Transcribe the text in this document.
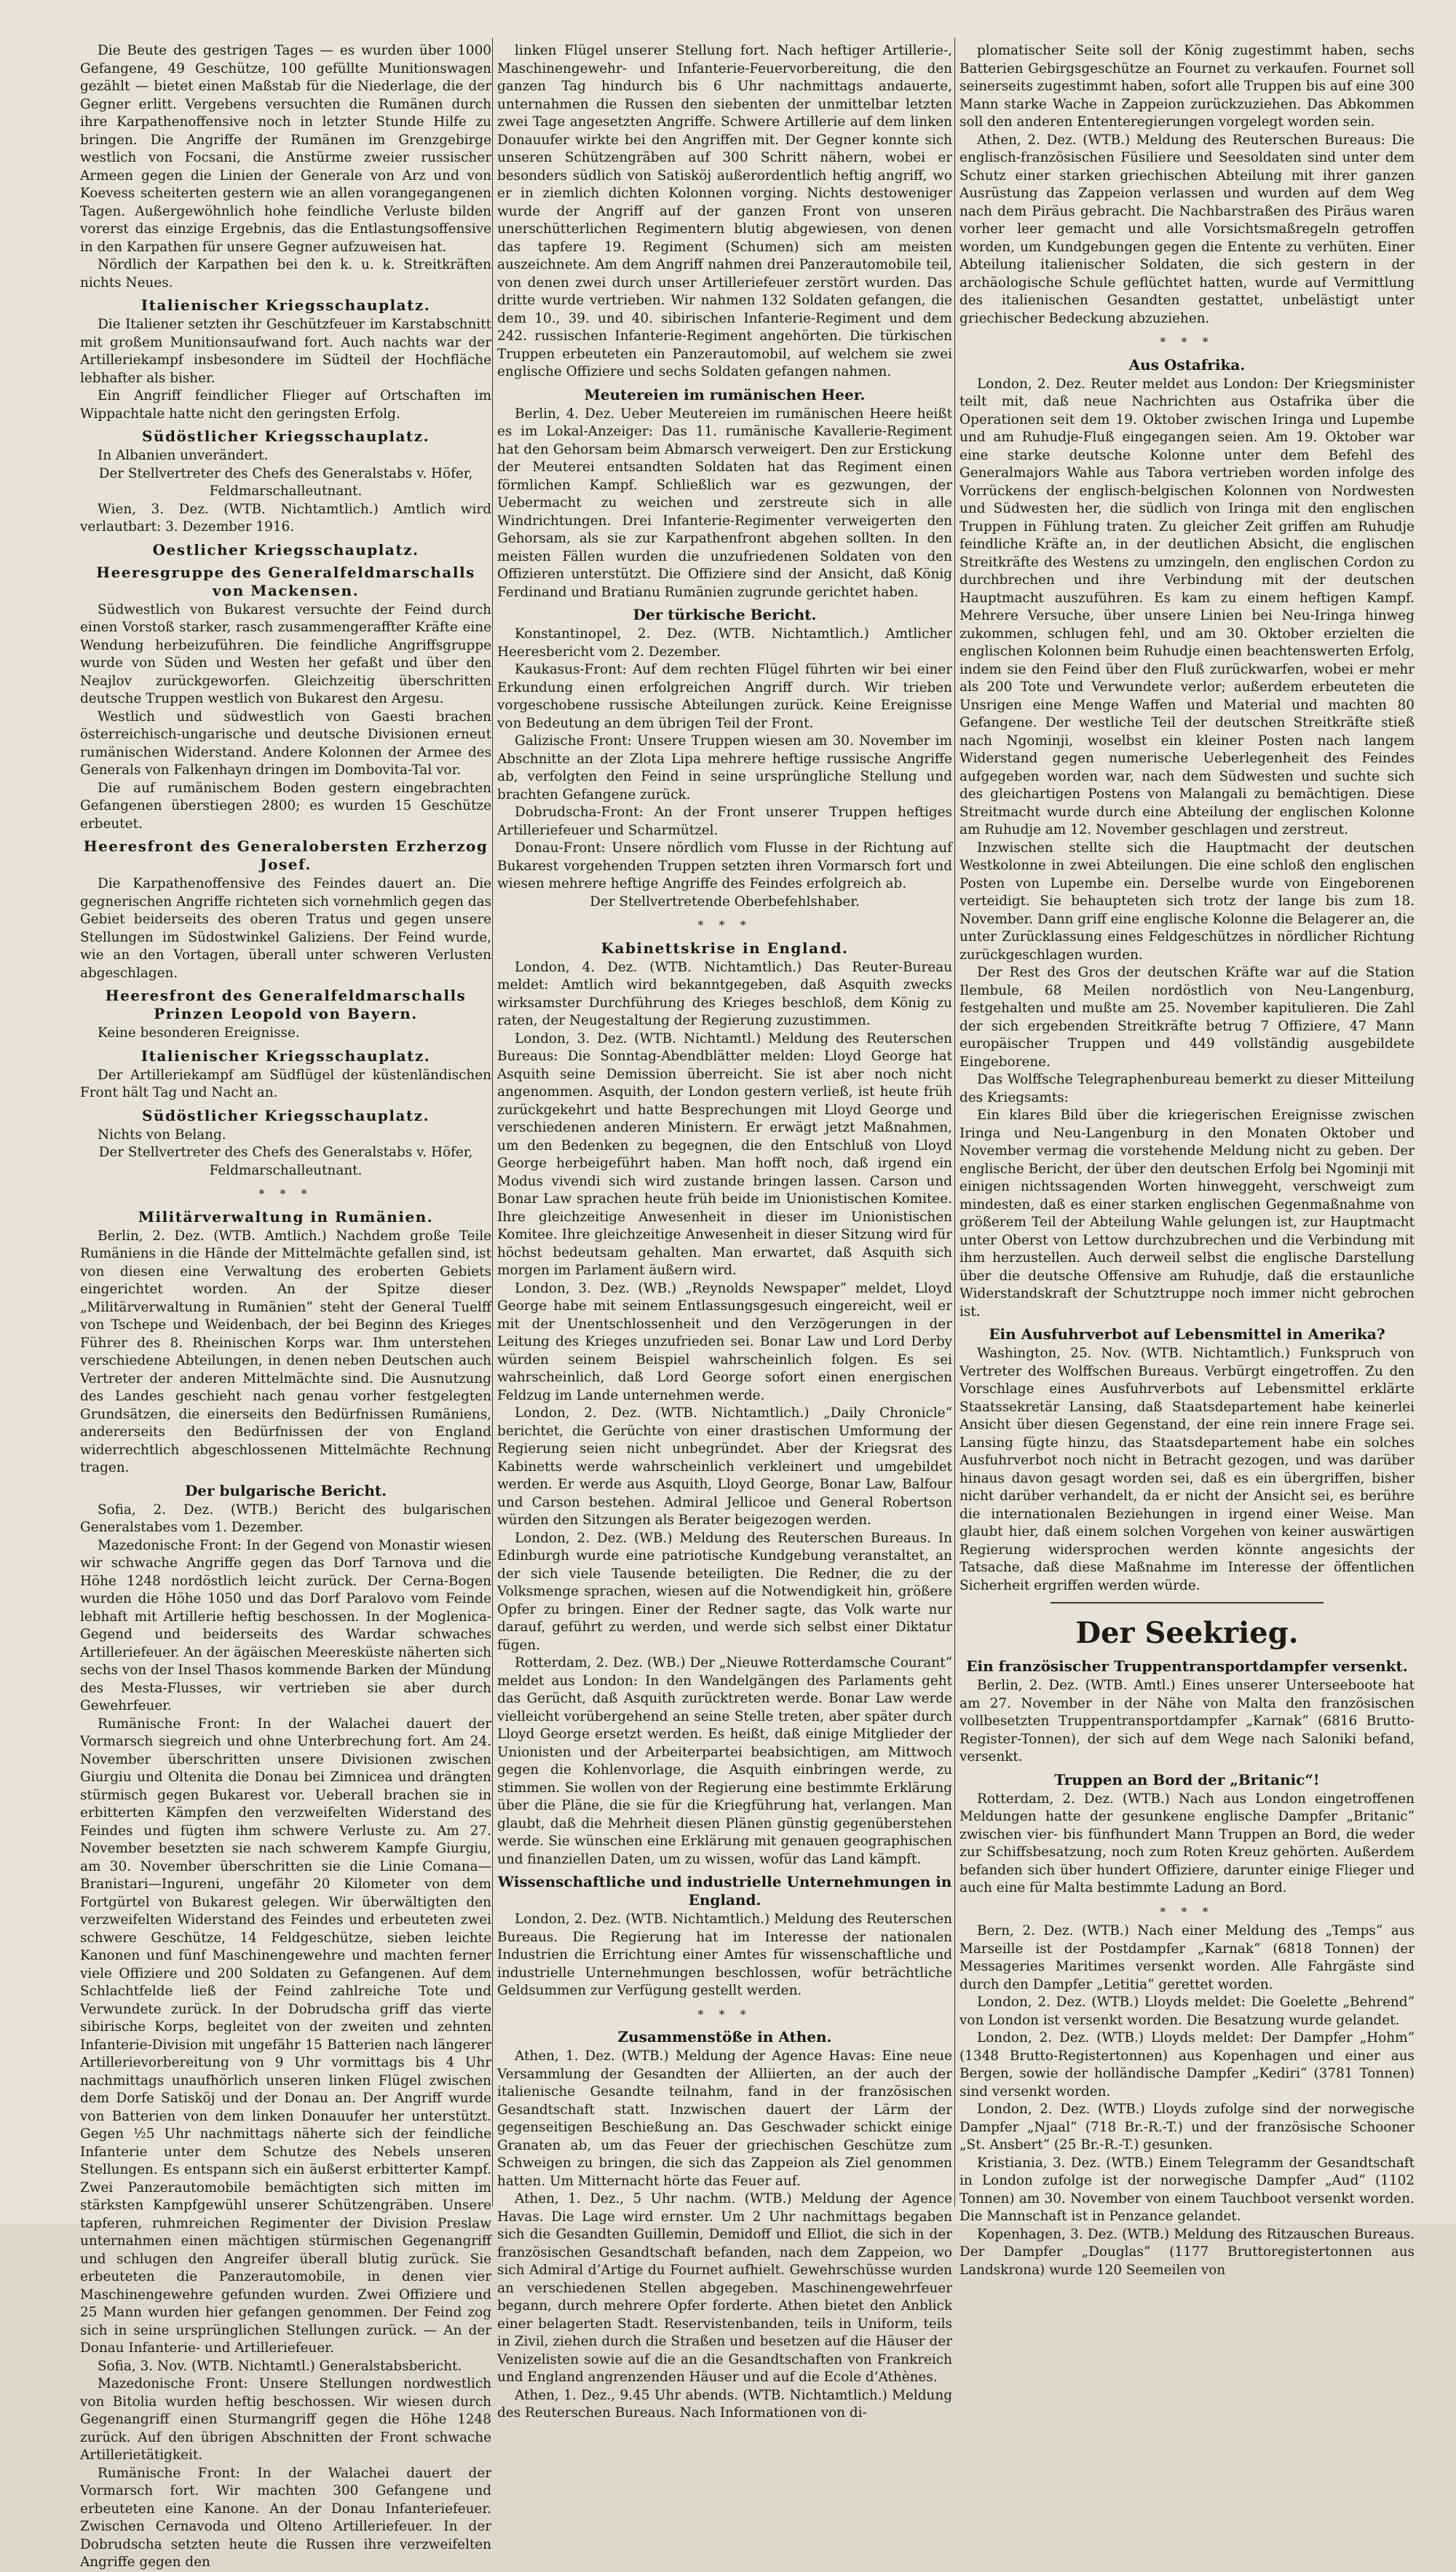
Die Beute des gestrigen Tages — es wurden über 1000 Gefangene, 49 Geschütze, 100 gefüllte Munitionswagen gezählt — bietet einen Maßstab für die Niederlage, die der Gegner erlitt. Vergebens versuchten die Rumänen durch ihre Karpathenoffensive noch in letzter Stunde Hilfe zu bringen. Die Angriffe der Rumänen im Grenzgebirge westlich von Focsani, die Anstürme zweier russischer Armeen gegen die Linien der Generale von Arz und von Koevess scheiterten gestern wie an allen vorangegangenen Tagen. Außergewöhnlich hohe feindliche Verluste bilden vorerst das einzige Ergebnis, das die Entlastungsoffensive in den Karpathen für unsere Gegner aufzuweisen hat.

Nördlich der Karpathen bei den k. u. k. Streitkräften nichts Neues.

Italienischer Kriegsschauplatz.

Die Italiener setzten ihr Geschützfeuer im Karstabschnitt mit großem Munitionsaufwand fort. Auch nachts war der Artilleriekampf insbesondere im Südteil der Hochfläche lebhafter als bisher.

Ein Angriff feindlicher Flieger auf Ortschaften im Wippachtale hatte nicht den geringsten Erfolg.

Südöstlicher Kriegsschauplatz.

In Albanien unverändert.

Der Stellvertreter des Chefs des Generalstabs v. Höfer, Feldmarschalleutnant.

Wien, 3. Dez. (WTB. Nichtamtlich.) Amtlich wird verlautbart: 3. Dezember 1916.

Oestlicher Kriegsschauplatz.
Heeresgruppe des Generalfeldmarschalls von Mackensen.

Südwestlich von Bukarest versuchte der Feind durch einen Vorstoß starker, rasch zusammengeraffter Kräfte eine Wendung herbeizuführen. Die feindliche Angriffsgruppe wurde von Süden und Westen her gefaßt und über den Neajlov zurückgeworfen. Gleichzeitig überschritten deutsche Truppen westlich von Bukarest den Argesu.

Westlich und südwestlich von Gaesti brachen österreichisch-ungarische und deutsche Divisionen erneut rumänischen Widerstand. Andere Kolonnen der Armee des Generals von Falkenhayn dringen im Dombovita-Tal vor.

Die auf rumänischem Boden gestern eingebrachten Gefangenen überstiegen 2800; es wurden 15 Geschütze erbeutet.

Heeresfront des Generalobersten Erzherzog Josef.

Die Karpathenoffensive des Feindes dauert an. Die gegnerischen Angriffe richteten sich vornehmlich gegen das Gebiet beiderseits des oberen Tratus und gegen unsere Stellungen im Südostwinkel Galiziens. Der Feind wurde, wie an den Vortagen, überall unter schweren Verlusten abgeschlagen.

Heeresfront des Generalfeldmarschalls Prinzen Leopold von Bayern.

Keine besonderen Ereignisse.

Italienischer Kriegsschauplatz.

Der Artilleriekampf am Südflügel der küstenländischen Front hält Tag und Nacht an.

Südöstlicher Kriegsschauplatz.

Nichts von Belang.

Der Stellvertreter des Chefs des Generalstabs v. Höfer, Feldmarschalleutnant.

* * *
Militärverwaltung in Rumänien.

Berlin, 2. Dez. (WTB. Amtlich.) Nachdem große Teile Rumäniens in die Hände der Mittelmächte gefallen sind, ist von diesen eine Verwaltung des eroberten Gebiets eingerichtet worden. An der Spitze dieser „Militärverwaltung in Rumänien“ steht der General Tuelff von Tschepe und Weidenbach, der bei Beginn des Krieges Führer des 8. Rheinischen Korps war. Ihm unterstehen verschiedene Abteilungen, in denen neben Deutschen auch Vertreter der anderen Mittelmächte sind. Die Ausnutzung des Landes geschieht nach genau vorher festgelegten Grundsätzen, die einerseits den Bedürfnissen Rumäniens, andererseits den Bedürfnissen der von England widerrechtlich abgeschlossenen Mittelmächte Rechnung tragen.

Der bulgarische Bericht.

Sofia, 2. Dez. (WTB.) Bericht des bulgarischen Generalstabes vom 1. Dezember.

Mazedonische Front: In der Gegend von Monastir wiesen wir schwache Angriffe gegen das Dorf Tarnova und die Höhe 1248 nordöstlich leicht zurück. Der Cerna-Bogen wurden die Höhe 1050 und das Dorf Paralovo vom Feinde lebhaft mit Artillerie heftig beschossen. In der Moglenica-Gegend und beiderseits des Wardar schwaches Artilleriefeuer. An der ägäischen Meeresküste näherten sich sechs von der Insel Thasos kommende Barken der Mündung des Mesta-Flusses, wir vertrieben sie aber durch Gewehrfeuer.

Rumänische Front: In der Walachei dauert der Vormarsch siegreich und ohne Unterbrechung fort. Am 24. November überschritten unsere Divisionen zwischen Giurgiu und Oltenita die Donau bei Zimnicea und drängten stürmisch gegen Bukarest vor. Ueberall brachen sie in erbitterten Kämpfen den verzweifelten Widerstand des Feindes und fügten ihm schwere Verluste zu. Am 27. November besetzten sie nach schwerem Kampfe Giurgiu, am 30. November überschritten sie die Linie Comana—Branistari—Ingureni, ungefähr 20 Kilometer von dem Fortgürtel von Bukarest gelegen. Wir überwältigten den verzweifelten Widerstand des Feindes und erbeuteten zwei schwere Geschütze, 14 Feldgeschütze, sieben leichte Kanonen und fünf Maschinengewehre und machten ferner viele Offiziere und 200 Soldaten zu Gefangenen. Auf dem Schlachtfelde ließ der Feind zahlreiche Tote und Verwundete zurück. In der Dobrudscha griff das vierte sibirische Korps, begleitet von der zweiten und zehnten Infanterie-Division mit ungefähr 15 Batterien nach längerer Artillerievorbereitung von 9 Uhr vormittags bis 4 Uhr nachmittags unaufhörlich unseren linken Flügel zwischen dem Dorfe Satisköj und der Donau an. Der Angriff wurde von Batterien von dem linken Donauufer her unterstützt. Gegen ½5 Uhr nachmittags näherte sich der feindliche Infanterie unter dem Schutze des Nebels unseren Stellungen. Es entspann sich ein äußerst erbitterter Kampf. Zwei Panzerautomobile bemächtigten sich mitten im stärksten Kampfgewühl unserer Schützengräben. Unsere tapferen, ruhmreichen Regimenter der Division Preslaw unternahmen einen mächtigen stürmischen Gegenangriff und schlugen den Angreifer überall blutig zurück. Sie erbeuteten die Panzerautomobile, in denen vier Maschinengewehre gefunden wurden. Zwei Offiziere und 25 Mann wurden hier gefangen genommen. Der Feind zog sich in seine ursprünglichen Stellungen zurück. — An der Donau Infanterie- und Artilleriefeuer.

Sofia, 3. Nov. (WTB. Nichtamtl.) Generalstabsbericht.

Mazedonische Front: Unsere Stellungen nordwestlich von Bitolia wurden heftig beschossen. Wir wiesen durch Gegenangriff einen Sturmangriff gegen die Höhe 1248 zurück. Auf den übrigen Abschnitten der Front schwache Artillerietätigkeit.

Rumänische Front: In der Walachei dauert der Vormarsch fort. Wir machten 300 Gefangene und erbeuteten eine Kanone. An der Donau Infanteriefeuer. Zwischen Cernavoda und Olteno Artilleriefeuer. In der Dobrudscha setzten heute die Russen ihre verzweifelten Angriffe gegen den

linken Flügel unserer Stellung fort. Nach heftiger Artillerie-, Maschinengewehr- und Infanterie-Feuervorbereitung, die den ganzen Tag hindurch bis 6 Uhr nachmittags andauerte, unternahmen die Russen den siebenten der unmittelbar letzten zwei Tage angesetzten Angriffe. Schwere Artillerie auf dem linken Donauufer wirkte bei den Angriffen mit. Der Gegner konnte sich unseren Schützengräben auf 300 Schritt nähern, wobei er besonders südlich von Satisköj außerordentlich heftig angriff, wo er in ziemlich dichten Kolonnen vorging. Nichts destoweniger wurde der Angriff auf der ganzen Front von unseren unerschütterlichen Regimentern blutig abgewiesen, von denen das tapfere 19. Regiment (Schumen) sich am meisten auszeichnete. Am dem Angriff nahmen drei Panzerautomobile teil, von denen zwei durch unser Artilleriefeuer zerstört wurden. Das dritte wurde vertrieben. Wir nahmen 132 Soldaten gefangen, die dem 10., 39. und 40. sibirischen Infanterie-Regiment und dem 242. russischen Infanterie-Regiment angehörten. Die türkischen Truppen erbeuteten ein Panzerautomobil, auf welchem sie zwei englische Offiziere und sechs Soldaten gefangen nahmen.

Meutereien im rumänischen Heer.

Berlin, 4. Dez. Ueber Meutereien im rumänischen Heere heißt es im Lokal-Anzeiger: Das 11. rumänische Kavallerie-Regiment hat den Gehorsam beim Abmarsch verweigert. Den zur Erstickung der Meuterei entsandten Soldaten hat das Regiment einen förmlichen Kampf. Schließlich war es gezwungen, der Uebermacht zu weichen und zerstreute sich in alle Windrichtungen. Drei Infanterie-Regimenter verweigerten den Gehorsam, als sie zur Karpathenfront abgehen sollten. In den meisten Fällen wurden die unzufriedenen Soldaten von den Offizieren unterstützt. Die Offiziere sind der Ansicht, daß König Ferdinand und Bratianu Rumänien zugrunde gerichtet haben.

Der türkische Bericht.

Konstantinopel, 2. Dez. (WTB. Nichtamtlich.) Amtlicher Heeresbericht vom 2. Dezember.

Kaukasus-Front: Auf dem rechten Flügel führten wir bei einer Erkundung einen erfolgreichen Angriff durch. Wir trieben vorgeschobene russische Abteilungen zurück. Keine Ereignisse von Bedeutung an dem übrigen Teil der Front.

Galizische Front: Unsere Truppen wiesen am 30. November im Abschnitte an der Zlota Lipa mehrere heftige russische Angriffe ab, verfolgten den Feind in seine ursprüngliche Stellung und brachten Gefangene zurück.

Dobrudscha-Front: An der Front unserer Truppen heftiges Artilleriefeuer und Scharmützel.

Donau-Front: Unsere nördlich vom Flusse in der Richtung auf Bukarest vorgehenden Truppen setzten ihren Vormarsch fort und wiesen mehrere heftige Angriffe des Feindes erfolgreich ab.

Der Stellvertretende Oberbefehlshaber.

* * *
Kabinettskrise in England.

London, 4. Dez. (WTB. Nichtamtlich.) Das Reuter-Bureau meldet: Amtlich wird bekanntgegeben, daß Asquith zwecks wirksamster Durchführung des Krieges beschloß, dem König zu raten, der Neugestaltung der Regierung zuzustimmen.

London, 3. Dez. (WTB. Nichtamtl.) Meldung des Reuterschen Bureaus: Die Sonntag-Abendblätter melden: Lloyd George hat Asquith seine Demission überreicht. Sie ist aber noch nicht angenommen. Asquith, der London gestern verließ, ist heute früh zurückgekehrt und hatte Besprechungen mit Lloyd George und verschiedenen anderen Ministern. Er erwägt jetzt Maßnahmen, um den Bedenken zu begegnen, die den Entschluß von Lloyd George herbeigeführt haben. Man hofft noch, daß irgend ein Modus vivendi sich wird zustande bringen lassen. Carson und Bonar Law sprachen heute früh beide im Unionistischen Komitee. Ihre gleichzeitige Anwesenheit in dieser im Unionistischen Komitee. Ihre gleichzeitige Anwesenheit in dieser Sitzung wird für höchst bedeutsam gehalten. Man erwartet, daß Asquith sich morgen im Parlament äußern wird.

London, 3. Dez. (WB.) „Reynolds Newspaper“ meldet, Lloyd George habe mit seinem Entlassungsgesuch eingereicht, weil er mit der Unentschlossenheit und den Verzögerungen in der Leitung des Krieges unzufrieden sei. Bonar Law und Lord Derby würden seinem Beispiel wahrscheinlich folgen. Es sei wahrscheinlich, daß Lord George sofort einen energischen Feldzug im Lande unternehmen werde.

London, 2. Dez. (WTB. Nichtamtlich.) „Daily Chronicle“ berichtet, die Gerüchte von einer drastischen Umformung der Regierung seien nicht unbegründet. Aber der Kriegsrat des Kabinetts werde wahrscheinlich verkleinert und umgebildet werden. Er werde aus Asquith, Lloyd George, Bonar Law, Balfour und Carson bestehen. Admiral Jellicoe und General Robertson würden den Sitzungen als Berater beigezogen werden.

London, 2. Dez. (WB.) Meldung des Reuterschen Bureaus. In Edinburgh wurde eine patriotische Kundgebung veranstaltet, an der sich viele Tausende beteiligten. Die Redner, die zu der Volksmenge sprachen, wiesen auf die Notwendigkeit hin, größere Opfer zu bringen. Einer der Redner sagte, das Volk warte nur darauf, geführt zu werden, und werde sich selbst einer Diktatur fügen.

Rotterdam, 2. Dez. (WB.) Der „Nieuwe Rotterdamsche Courant“ meldet aus London: In den Wandelgängen des Parlaments geht das Gerücht, daß Asquith zurücktreten werde. Bonar Law werde vielleicht vorübergehend an seine Stelle treten, aber später durch Lloyd George ersetzt werden. Es heißt, daß einige Mitglieder der Unionisten und der Arbeiterpartei beabsichtigen, am Mittwoch gegen die Kohlenvorlage, die Asquith einbringen werde, zu stimmen. Sie wollen von der Regierung eine bestimmte Erklärung über die Pläne, die sie für die Kriegführung hat, verlangen. Man glaubt, daß die Mehrheit diesen Plänen günstig gegenüberstehen werde. Sie wünschen eine Erklärung mit genauen geographischen und finanziellen Daten, um zu wissen, wofür das Land kämpft.

Wissenschaftliche und industrielle Unternehmungen in England.

London, 2. Dez. (WTB. Nichtamtlich.) Meldung des Reuterschen Bureaus. Die Regierung hat im Interesse der nationalen Industrien die Errichtung einer Amtes für wissenschaftliche und industrielle Unternehmungen beschlossen, wofür beträchtliche Geldsummen zur Verfügung gestellt werden.

* * *
Zusammenstöße in Athen.

Athen, 1. Dez. (WTB.) Meldung der Agence Havas: Eine neue Versammlung der Gesandten der Alliierten, an der auch der italienische Gesandte teilnahm, fand in der französischen Gesandtschaft statt. Inzwischen dauert der Lärm der gegenseitigen Beschießung an. Das Geschwader schickt einige Granaten ab, um das Feuer der griechischen Geschütze zum Schweigen zu bringen, die sich das Zappeion als Ziel genommen hatten. Um Mitternacht hörte das Feuer auf.

Athen, 1. Dez., 5 Uhr nachm. (WTB.) Meldung der Agence Havas. Die Lage wird ernster. Um 2 Uhr nachmittags begaben sich die Gesandten Guillemin, Demidoff und Elliot, die sich in der französischen Gesandtschaft befanden, nach dem Zappeion, wo sich Admiral d’Artige du Fournet aufhielt. Gewehrschüsse wurden an verschiedenen Stellen abgegeben. Maschinengewehrfeuer begann, durch mehrere Opfer forderte. Athen bietet den Anblick einer belagerten Stadt. Reservistenbanden, teils in Uniform, teils in Zivil, ziehen durch die Straßen und besetzen auf die Häuser der Venizelisten sowie auf die an die Gesandtschaften von Frankreich und England angrenzenden Häuser und auf die Ecole d’Athènes.

Athen, 1. Dez., 9.45 Uhr abends. (WTB. Nichtamtlich.) Meldung des Reuterschen Bureaus. Nach Informationen von di-

plomatischer Seite soll der König zugestimmt haben, sechs Batterien Gebirgsgeschütze an Fournet zu verkaufen. Fournet soll seinerseits zugestimmt haben, sofort alle Truppen bis auf eine 300 Mann starke Wache in Zappeion zurückzuziehen. Das Abkommen soll den anderen Ententeregierungen vorgelegt worden sein.

Athen, 2. Dez. (WTB.) Meldung des Reuterschen Bureaus: Die englisch-französischen Füsiliere und Seesoldaten sind unter dem Schutz einer starken griechischen Abteilung mit ihrer ganzen Ausrüstung das Zappeion verlassen und wurden auf dem Weg nach dem Piräus gebracht. Die Nachbarstraßen des Piräus waren vorher leer gemacht und alle Vorsichtsmaßregeln getroffen worden, um Kundgebungen gegen die Entente zu verhüten. Einer Abteilung italienischer Soldaten, die sich gestern in der archäologische Schule geflüchtet hatten, wurde auf Vermittlung des italienischen Gesandten gestattet, unbelästigt unter griechischer Bedeckung abzuziehen.

* * *
Aus Ostafrika.

London, 2. Dez. Reuter meldet aus London: Der Kriegsminister teilt mit, daß neue Nachrichten aus Ostafrika über die Operationen seit dem 19. Oktober zwischen Iringa und Lupembe und am Ruhudje-Fluß eingegangen seien. Am 19. Oktober war eine starke deutsche Kolonne unter dem Befehl des Generalmajors Wahle aus Tabora vertrieben worden infolge des Vorrückens der englisch-belgischen Kolonnen von Nordwesten und Südwesten her, die südlich von Iringa mit den englischen Truppen in Fühlung traten. Zu gleicher Zeit griffen am Ruhudje feindliche Kräfte an, in der deutlichen Absicht, die englischen Streitkräfte des Westens zu umzingeln, den englischen Cordon zu durchbrechen und ihre Verbindung mit der deutschen Hauptmacht auszuführen. Es kam zu einem heftigen Kampf. Mehrere Versuche, über unsere Linien bei Neu-Iringa hinweg zukommen, schlugen fehl, und am 30. Oktober erzielten die englischen Kolonnen beim Ruhudje einen beachtenswerten Erfolg, indem sie den Feind über den Fluß zurückwarfen, wobei er mehr als 200 Tote und Verwundete verlor; außerdem erbeuteten die Unsrigen eine Menge Waffen und Material und machten 80 Gefangene. Der westliche Teil der deutschen Streitkräfte stieß nach Ngominji, woselbst ein kleiner Posten nach langem Widerstand gegen numerische Ueberlegenheit des Feindes aufgegeben worden war, nach dem Südwesten und suchte sich des gleichartigen Postens von Malangali zu bemächtigen. Diese Streitmacht wurde durch eine Abteilung der englischen Kolonne am Ruhudje am 12. November geschlagen und zerstreut.

Inzwischen stellte sich die Hauptmacht der deutschen Westkolonne in zwei Abteilungen. Die eine schloß den englischen Posten von Lupembe ein. Derselbe wurde von Eingeborenen verteidigt. Sie behaupteten sich trotz der lange bis zum 18. November. Dann griff eine englische Kolonne die Belagerer an, die unter Zurücklassung eines Feldgeschützes in nördlicher Richtung zurückgeschlagen wurden.

Der Rest des Gros der deutschen Kräfte war auf die Station Ilembule, 68 Meilen nordöstlich von Neu-Langenburg, festgehalten und mußte am 25. November kapitulieren. Die Zahl der sich ergebenden Streitkräfte betrug 7 Offiziere, 47 Mann europäischer Truppen und 449 vollständig ausgebildete Eingeborene.

Das Wolffsche Telegraphenbureau bemerkt zu dieser Mitteilung des Kriegsamts:

Ein klares Bild über die kriegerischen Ereignisse zwischen Iringa und Neu-Langenburg in den Monaten Oktober und November vermag die vorstehende Meldung nicht zu geben. Der englische Bericht, der über den deutschen Erfolg bei Ngominji mit einigen nichtssagenden Worten hinweggeht, verschweigt zum mindesten, daß es einer starken englischen Gegenmaßnahme von größerem Teil der Abteilung Wahle gelungen ist, zur Hauptmacht unter Oberst von Lettow durchzubrechen und die Verbindung mit ihm herzustellen. Auch derweil selbst die englische Darstellung über die deutsche Offensive am Ruhudje, daß die erstaunliche Widerstandskraft der Schutztruppe noch immer nicht gebrochen ist.

Ein Ausfuhrverbot auf Lebensmittel in Amerika?

Washington, 25. Nov. (WTB. Nichtamtlich.) Funkspruch von Vertreter des Wolffschen Bureaus. Verbürgt eingetroffen. Zu den Vorschlage eines Ausfuhrverbots auf Lebensmittel erklärte Staatssekretär Lansing, daß Staatsdepartement habe keinerlei Ansicht über diesen Gegenstand, der eine rein innere Frage sei. Lansing fügte hinzu, das Staatsdepartement habe ein solches Ausfuhrverbot noch nicht in Betracht gezogen, und was darüber hinaus davon gesagt worden sei, daß es ein übergriffen, bisher nicht darüber verhandelt, da er nicht der Ansicht sei, es berühre die internationalen Beziehungen in irgend einer Weise. Man glaubt hier, daß einem solchen Vorgehen von keiner auswärtigen Regierung widersprochen werden könnte angesichts der Tatsache, daß diese Maßnahme im Interesse der öffentlichen Sicherheit ergriffen werden würde.

Der Seekrieg.
Ein französischer Truppentransportdampfer versenkt.

Berlin, 2. Dez. (WTB. Amtl.) Eines unserer Unterseeboote hat am 27. November in der Nähe von Malta den französischen vollbesetzten Truppentransportdampfer „Karnak“ (6816 Brutto-Register-Tonnen), der sich auf dem Wege nach Saloniki befand, versenkt.

Truppen an Bord der „Britanic“!

Rotterdam, 2. Dez. (WTB.) Nach aus London eingetroffenen Meldungen hatte der gesunkene englische Dampfer „Britanic“ zwischen vier- bis fünfhundert Mann Truppen an Bord, die weder zur Schiffsbesatzung, noch zum Roten Kreuz gehörten. Außerdem befanden sich über hundert Offiziere, darunter einige Flieger und auch eine für Malta bestimmte Ladung an Bord.

* * *

Bern, 2. Dez. (WTB.) Nach einer Meldung des „Temps“ aus Marseille ist der Postdampfer „Karnak“ (6818 Tonnen) der Messageries Maritimes versenkt worden. Alle Fahrgäste sind durch den Dampfer „Letitia“ gerettet worden.

London, 2. Dez. (WTB.) Lloyds meldet: Die Goelette „Behrend“ von London ist versenkt worden. Die Besatzung wurde gelandet.

London, 2. Dez. (WTB.) Lloyds meldet: Der Dampfer „Hohm“ (1348 Brutto-Registertonnen) aus Kopenhagen und einer aus Bergen, sowie der holländische Dampfer „Kediri“ (3781 Tonnen) sind versenkt worden.

London, 2. Dez. (WTB.) Lloyds zufolge sind der norwegische Dampfer „Njaal“ (718 Br.-R.-T.) und der französische Schooner „St. Ansbert“ (25 Br.-R.-T.) gesunken.

Kristiania, 3. Dez. (WTB.) Einem Telegramm der Gesandtschaft in London zufolge ist der norwegische Dampfer „Aud“ (1102 Tonnen) am 30. November von einem Tauchboot versenkt worden. Die Mannschaft ist in Penzance gelandet.

Kopenhagen, 3. Dez. (WTB.) Meldung des Ritzauschen Bureaus. Der Dampfer „Douglas“ (1177 Bruttoregistertonnen aus Landskrona) wurde 120 Seemeilen von
